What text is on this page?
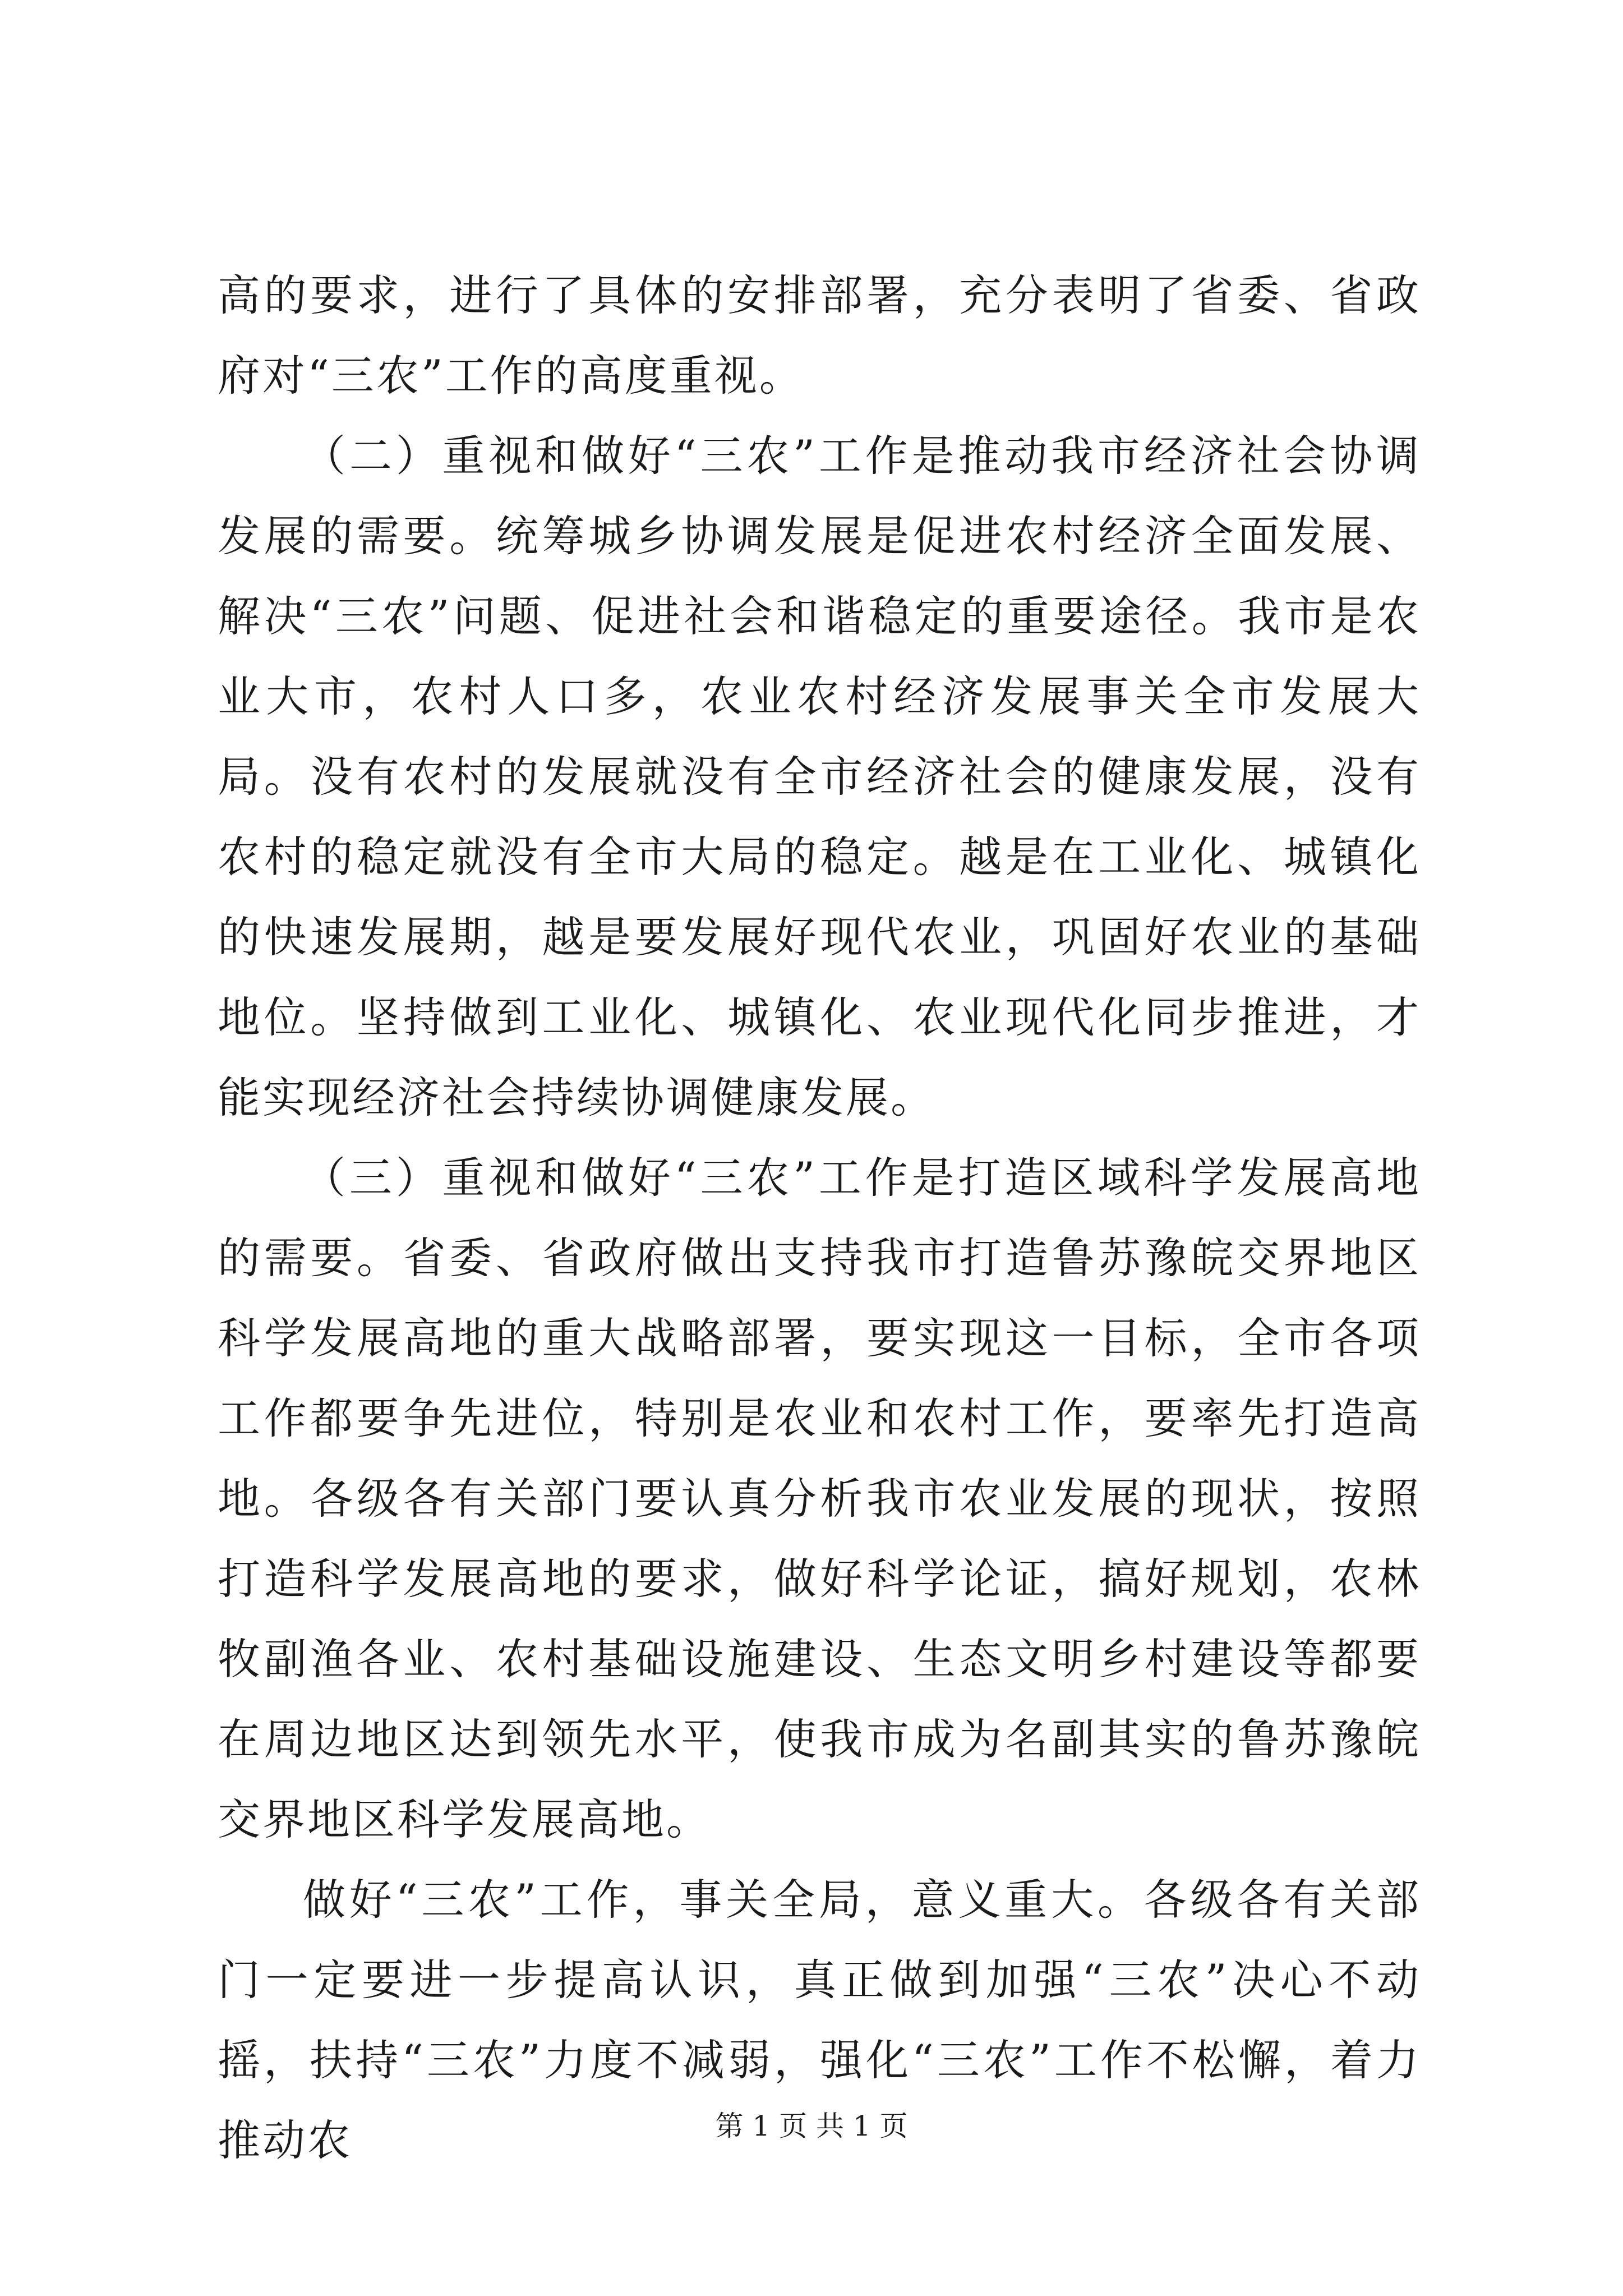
高的要求，进行了具体的安排部署，充分表明了省委、省政府对“三农”工作的高度重视。

（二）重视和做好“三农”工作是推动我市经济社会协调发展的需要。统筹城乡协调发展是促进农村经济全面发展、解决“三农”问题、促进社会和谐稳定的重要途径。我市是农业大市，农村人口多，农业农村经济发展事关全市发展大局。没有农村的发展就没有全市经济社会的健康发展，没有农村的稳定就没有全市大局的稳定。越是在工业化、城镇化的快速发展期，越是要发展好现代农业，巩固好农业的基础地位。坚持做到工业化、城镇化、农业现代化同步推进，才能实现经济社会持续协调健康发展。

（三）重视和做好“三农”工作是打造区域科学发展高地的需要。省委、省政府做出支持我市打造鲁苏豫皖交界地区科学发展高地的重大战略部署，要实现这一目标，全市各项工作都要争先进位，特别是农业和农村工作，要率先打造高地。各级各有关部门要认真分析我市农业发展的现状，按照打造科学发展高地的要求，做好科学论证，搞好规划，农林牧副渔各业、农村基础设施建设、生态文明乡村建设等都要在周边地区达到领先水平，使我市成为名副其实的鲁苏豫皖交界地区科学发展高地。

做好“三农”工作，事关全局，意义重大。各级各有关部门一定要进一步提高认识，真正做到加强“三农”决心不动摇，扶持“三农”力度不减弱，强化“三农”工作不松懈，着力推动农	第 1 页 共 1 页
